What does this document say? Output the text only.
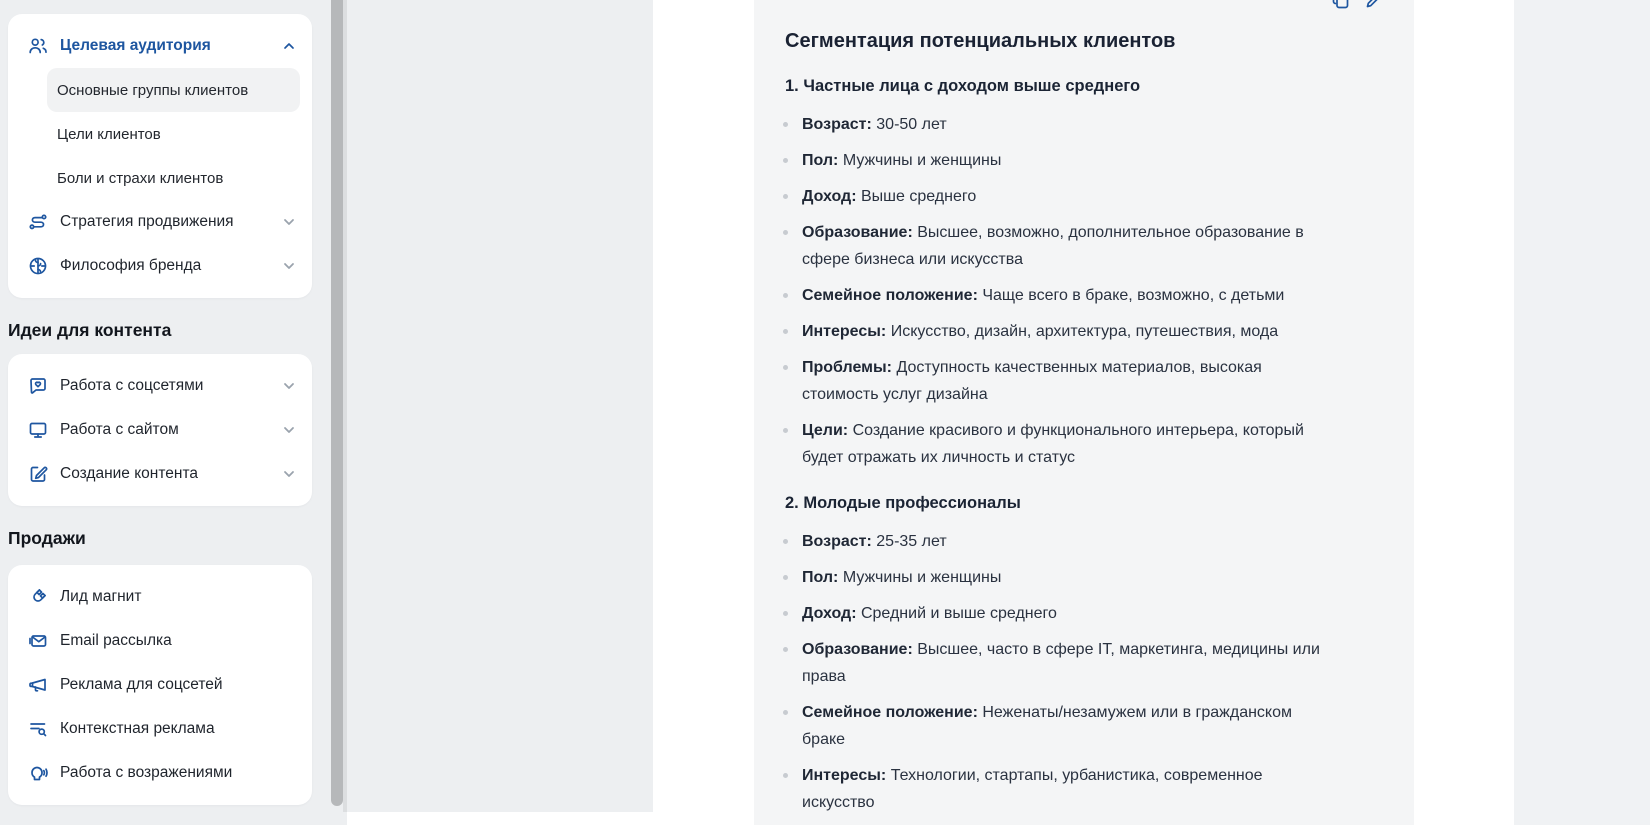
Целевая аудитория
Основные группы клиентов
Цели клиентов
Боли и страхи клиентов
Стратегия продвижения
Философия бренда
Идеи для контента
Работа с соцсетями
Работа с сайтом
Создание контента
Продажи
Лид магнит
Email рассылка
Реклама для соцсетей
Контекстная реклама
Работа с возражениями
Сегментация потенциальных клиентов
1. Частные лица с доходом выше среднего
Возраст: 30-50 лет
Пол: Мужчины и женщины
Доход: Выше среднего
Образование: Высшее, возможно, дополнительное образование в сфере бизнеса или искусства
Семейное положение: Чаще всего в браке, возможно, с детьми
Интересы: Искусство, дизайн, архитектура, путешествия, мода
Проблемы: Доступность качественных материалов, высокая стоимость услуг дизайна
Цели: Создание красивого и функционального интерьера, который будет отражать их личность и статус
2. Молодые профессионалы
Возраст: 25-35 лет
Пол: Мужчины и женщины
Доход: Средний и выше среднего
Образование: Высшее, часто в сфере IT, маркетинга, медицины или права
Семейное положение: Неженаты/незамужем или в гражданском браке
Интересы: Технологии, стартапы, урбанистика, современное искусство
